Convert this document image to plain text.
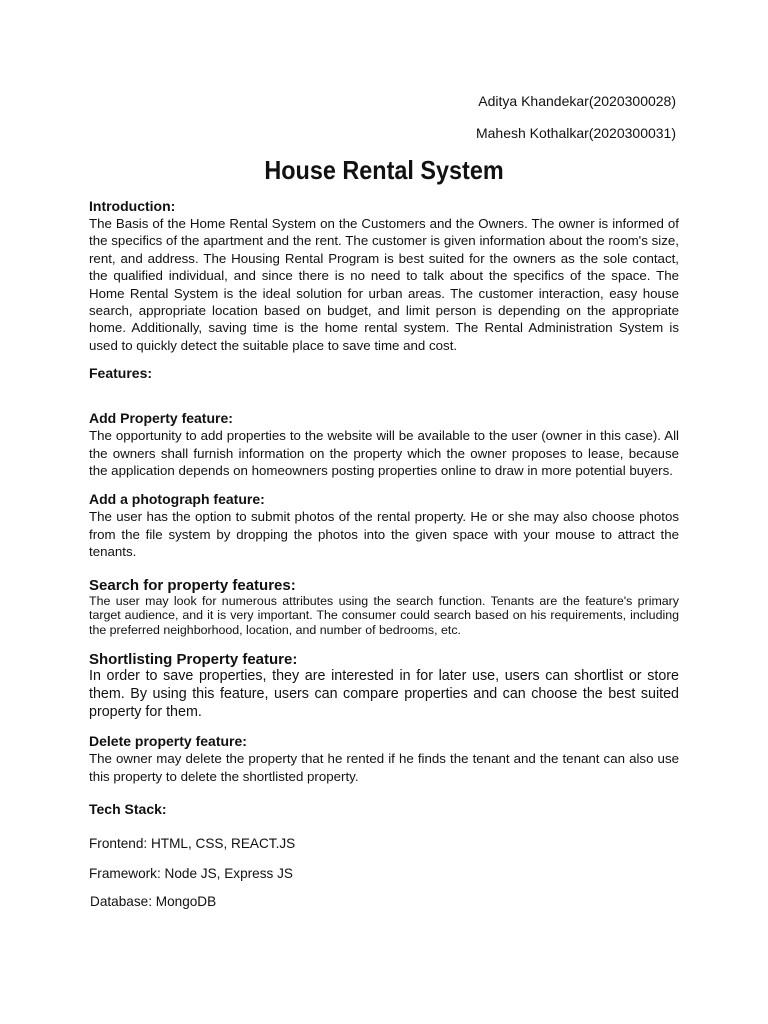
Aditya Khandekar(2020300028)
Mahesh Kothalkar(2020300031)
House Rental System

Introduction:

The Basis of the Home Rental System on the Customers and the Owners. The owner is informed of the specifics of the apartment and the rent. The customer is given information about the room's size, rent, and address. The Housing Rental Program is best suited for the owners as the sole contact, the qualified individual, and since there is no need to talk about the specifics of the space. The Home Rental System is the ideal solution for urban areas. The customer interaction, easy house search, appropriate location based on budget, and limit person is depending on the appropriate home. Additionally, saving time is the home rental system. The Rental Administration System is used to quickly detect the suitable place to save time and cost.

Features:

Add Property feature:

The opportunity to add properties to the website will be available to the user (owner in this case). All the owners shall furnish information on the property which the owner proposes to lease, because the application depends on homeowners posting properties online to draw in more potential buyers.

Add a photograph feature:

The user has the option to submit photos of the rental property. He or she may also choose photos from the file system by dropping the photos into the given space with your mouse to attract the tenants.

Search for property features:

The user may look for numerous attributes using the search function. Tenants are the feature's primary target audience, and it is very important. The consumer could search based on his requirements, including the preferred neighborhood, location, and number of bedrooms, etc.

Shortlisting Property feature:

In order to save properties, they are interested in for later use, users can shortlist or store them. By using this feature, users can compare properties and can choose the best suited property for them.

Delete property feature:

The owner may delete the property that he rented if he finds the tenant and the tenant can also use this property to delete the shortlisted property.

Tech Stack:

Frontend: HTML, CSS, REACT.JS

Framework: Node JS, Express JS

Database: MongoDB
